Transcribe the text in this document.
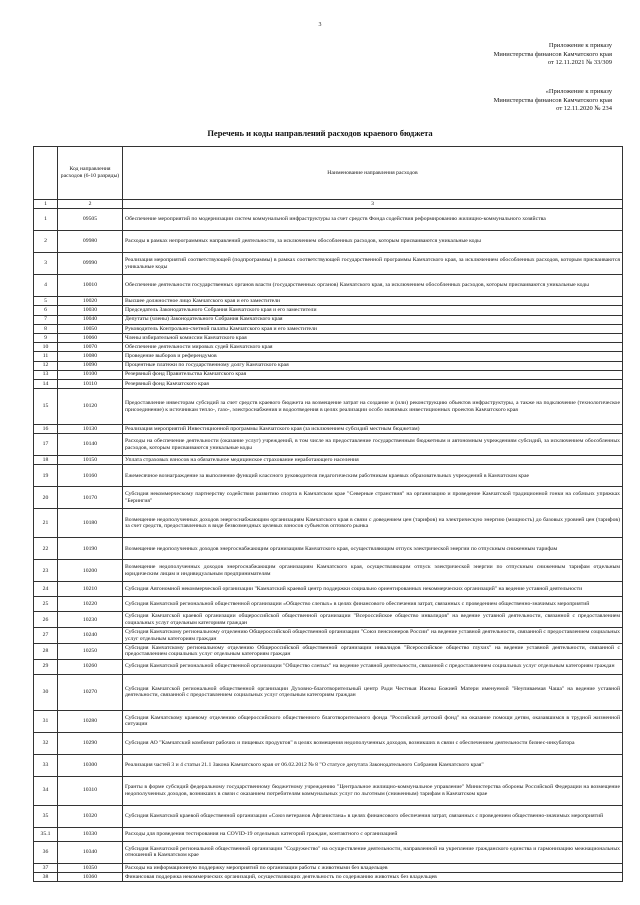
3
Приложение к приказу
Министерства финансов Камчатского края
от 12.11.2021 № 33/309
«Приложение к приказу
Министерства финансов Камчатского края
от 12.11.2020 № 234
Перечень и коды направлений расходов краевого бюджета
	Код направления расходов (6-10 разряды)	Наименование направления расходов
1	2	3
1	09505	Обеспечение мероприятий по модернизации систем коммунальной инфраструктуры за счет средств Фонда содействия реформированию жилищно-коммунального хозяйства
2	09980	Расходы в рамках непрограммных направлений деятельности, за исключением обособленных расходов, которым присваиваются уникальные коды
3	09990	Реализация мероприятий соответствующей (подпрограммы) в рамках соответствующей государственной программы Камчатского края, за исключением обособленных расходов, которым присваиваются уникальные коды
4	10010	Обеспечение деятельности государственных органов власти (государственных органов) Камчатского края, за исключением обособленных расходов, которым присваиваются уникальные коды
5	10020	Высшее должностное лицо Камчатского края и его заместители
6	10030	Председатель Законодательного Собрания Камчатского края и его заместители
7	10040	Депутаты (члены) Законодательного Собрания Камчатского края
8	10050	Руководитель Контрольно-счетной палаты Камчатского края и его заместители
9	10060	Члены избирательной комиссии Камчатского края
10	10070	Обеспечение деятельности мировых судей Камчатского края
11	10080	Проведение выборов и референдумов
12	10090	Процентные платежи по государственному долгу Камчатского края
13	10100	Резервный фонд Правительства Камчатского края
14	10110	Резервный фонд Камчатского края
15	10120	Предоставление инвесторам субсидий за счет средств краевого бюджета на возмещение затрат на создание и (или) реконструкцию объектов инфраструктуры, а также на подключение (технологическое присоединение) к источникам тепло-, газо-, электроснабжения и водоотведения в целях реализации особо значимых инвестиционных проектов Камчатского края
16	10130	Реализация мероприятий Инвестиционной программы Камчатского края (за исключением субсидий местным бюджетам)
17	10140	Расходы на обеспечение деятельности (оказание услуг) учреждений, в том числе на предоставление государственным бюджетным и автономным учреждениям субсидий, за исключением обособленных расходов, которым присваиваются уникальные коды
18	10150	Уплата страховых взносов на обязательное медицинское страхование неработающего населения
19	10160	Ежемесячное вознаграждение за выполнение функций классного руководителя педагогическим работникам краевых образовательных учреждений в Камчатском крае
20	10170	Субсидия некоммерческому партнерству содействия развитию спорта в Камчатском крае "Северные странствия" на организацию и проведение Камчатской традиционной гонки на собачьих упряжках "Берингия"
21	10180	Возмещение недополученных доходов энергоснабжающим организациям Камчатского края в связи с доведением цен (тарифов) на электрическую энергию (мощность) до базовых уровней цен (тарифов) за счет средств, предоставленных в виде безвозмездных целевых взносов субъектов оптового рынка
22	10190	Возмещение недополученных доходов энергоснабжающим организациям Камчатского края, осуществляющим отпуск электрической энергии по отпускным сниженным тарифам
23	10200	Возмещение недополученных доходов энергоснабжающим организациям Камчатского края, осуществляющим отпуск электрической энергии по отпускным сниженным тарифам отдельным юридическим лицам и индивидуальным предпринимателям
24	10210	Субсидия Автономной некоммерческой организации "Камчатский краевой центр поддержки социально ориентированных некоммерческих организаций" на ведение уставной деятельности
25	10220	Субсидия Камчатской региональной общественной организации «Общество слепых» в целях финансового обеспечения затрат, связанных с проведением общественно-значимых мероприятий
26	10230	Субсидия Камчатской краевой организации общероссийской общественной организации "Всероссийское общество инвалидов" на ведение уставной деятельности, связанной с предоставлением социальных услуг отдельным категориям граждан
27	10240	Субсидия Камчатскому региональному отделению Общероссийской общественной организации "Союз пенсионеров России" на ведение уставной деятельности, связанной с предоставлением социальных услуг отдельным категориям граждан
28	10250	Субсидия Камчатскому региональному отделению Общероссийской общественной организации инвалидов "Всероссийское общество глухих" на ведение уставной деятельности, связанной с предоставлением социальных услуг отдельным категориям граждан
29	10260	Субсидия Камчатской региональной общественной организации "Общество слепых" на ведение уставной деятельности, связанной с предоставлением социальных услуг отдельным категориям граждан
30	10270	Субсидия Камчатской региональной общественной организации Духовно-благотворительный центр Ради Честныя Иконы Божией Матери именуемой "Неупиваемая Чаша" на ведение уставной деятельности, связанной с предоставлением социальных услуг отдельным категориям граждан
31	10280	Субсидия Камчатскому краевому отделению общероссийского общественного благотворительного фонда "Российский детский фонд" на оказание помощи детям, оказавшимся в трудной жизненной ситуации
32	10290	Субсидия АО "Камчатский комбинат рабочих и пищевых продуктов" в целях возмещения недополученных доходов, возникших в связи с обеспечением деятельности бизнес-инкубатора
33	10300	Реализация частей 3 и 4 статьи 21.1 Закона Камчатского края от 06.02.2012 № 8 "О статусе депутата Законодательного Собрания Камчатского края"
34	10310	Гранты в форме субсидий федеральному государственному бюджетному учреждению "Центральное жилищно-коммунальное управление" Министерства обороны Российской Федерации на возмещение недополученных доходов, возникших в связи с оказанием потребителям коммунальных услуг по льготным (сниженным) тарифам в Камчатском крае
35	10320	Субсидия Камчатской краевой общественной организации «Союз ветеранов Афганистана» в целях финансового обеспечения затрат, связанных с проведением общественно-значимых мероприятий
35.1	10330	Расходы для проведения тестирования на COVID-19 отдельных категорий граждан, контактного с организацией
36	10340	Субсидия Камчатской региональной общественной организации "Содружество" на осуществление деятельности, направленной на укрепление гражданского единства и гармонизацию межнациональных отношений в Камчатском крае
37	10350	Расходы на информационную поддержку мероприятий по организации работы с животными без владельцев
38	10360	Финансовая поддержка некоммерческих организаций, осуществляющих деятельность по содержанию животных без владельцев
